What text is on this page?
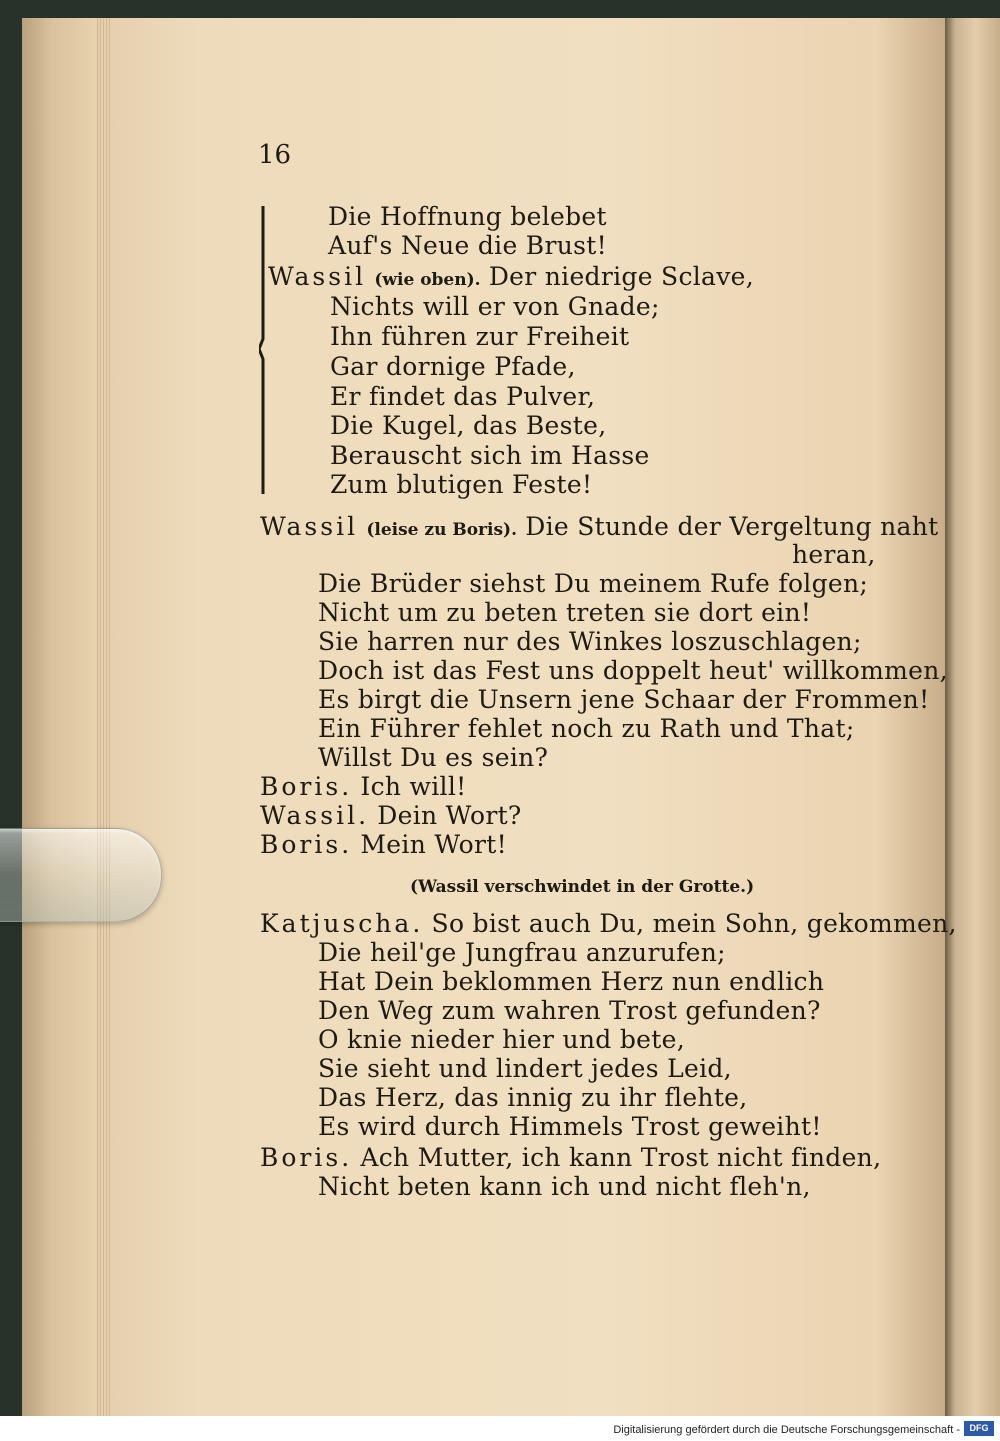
16
Die Hoffnung belebet
Auf's Neue die Brust!
Wassil (wie oben). Der niedrige Sclave,
Nichts will er von Gnade;
Ihn führen zur Freiheit
Gar dornige Pfade,
Er findet das Pulver,
Die Kugel, das Beste,
Berauscht sich im Hasse
Zum blutigen Feste!
Wassil (leise zu Boris). Die Stunde der Vergeltung naht
heran,
Die Brüder siehst Du meinem Rufe folgen;
Nicht um zu beten treten sie dort ein!
Sie harren nur des Winkes loszuschlagen;
Doch ist das Fest uns doppelt heut' willkommen,
Es birgt die Unsern jene Schaar der Frommen!
Ein Führer fehlet noch zu Rath und That;
Willst Du es sein?
Boris. Ich will!
Wassil. Dein Wort?
Boris. Mein Wort!
(Wassil verschwindet in der Grotte.)
Katjuscha. So bist auch Du, mein Sohn, gekommen,
Die heil'ge Jungfrau anzurufen;
Hat Dein beklommen Herz nun endlich
Den Weg zum wahren Trost gefunden?
O knie nieder hier und bete,
Sie sieht und lindert jedes Leid,
Das Herz, das innig zu ihr flehte,
Es wird durch Himmels Trost geweiht!
Boris. Ach Mutter, ich kann Trost nicht finden,
Nicht beten kann ich und nicht fleh'n,
Digitalisierung gefördert durch die Deutsche Forschungsgemeinschaft -	DFG
